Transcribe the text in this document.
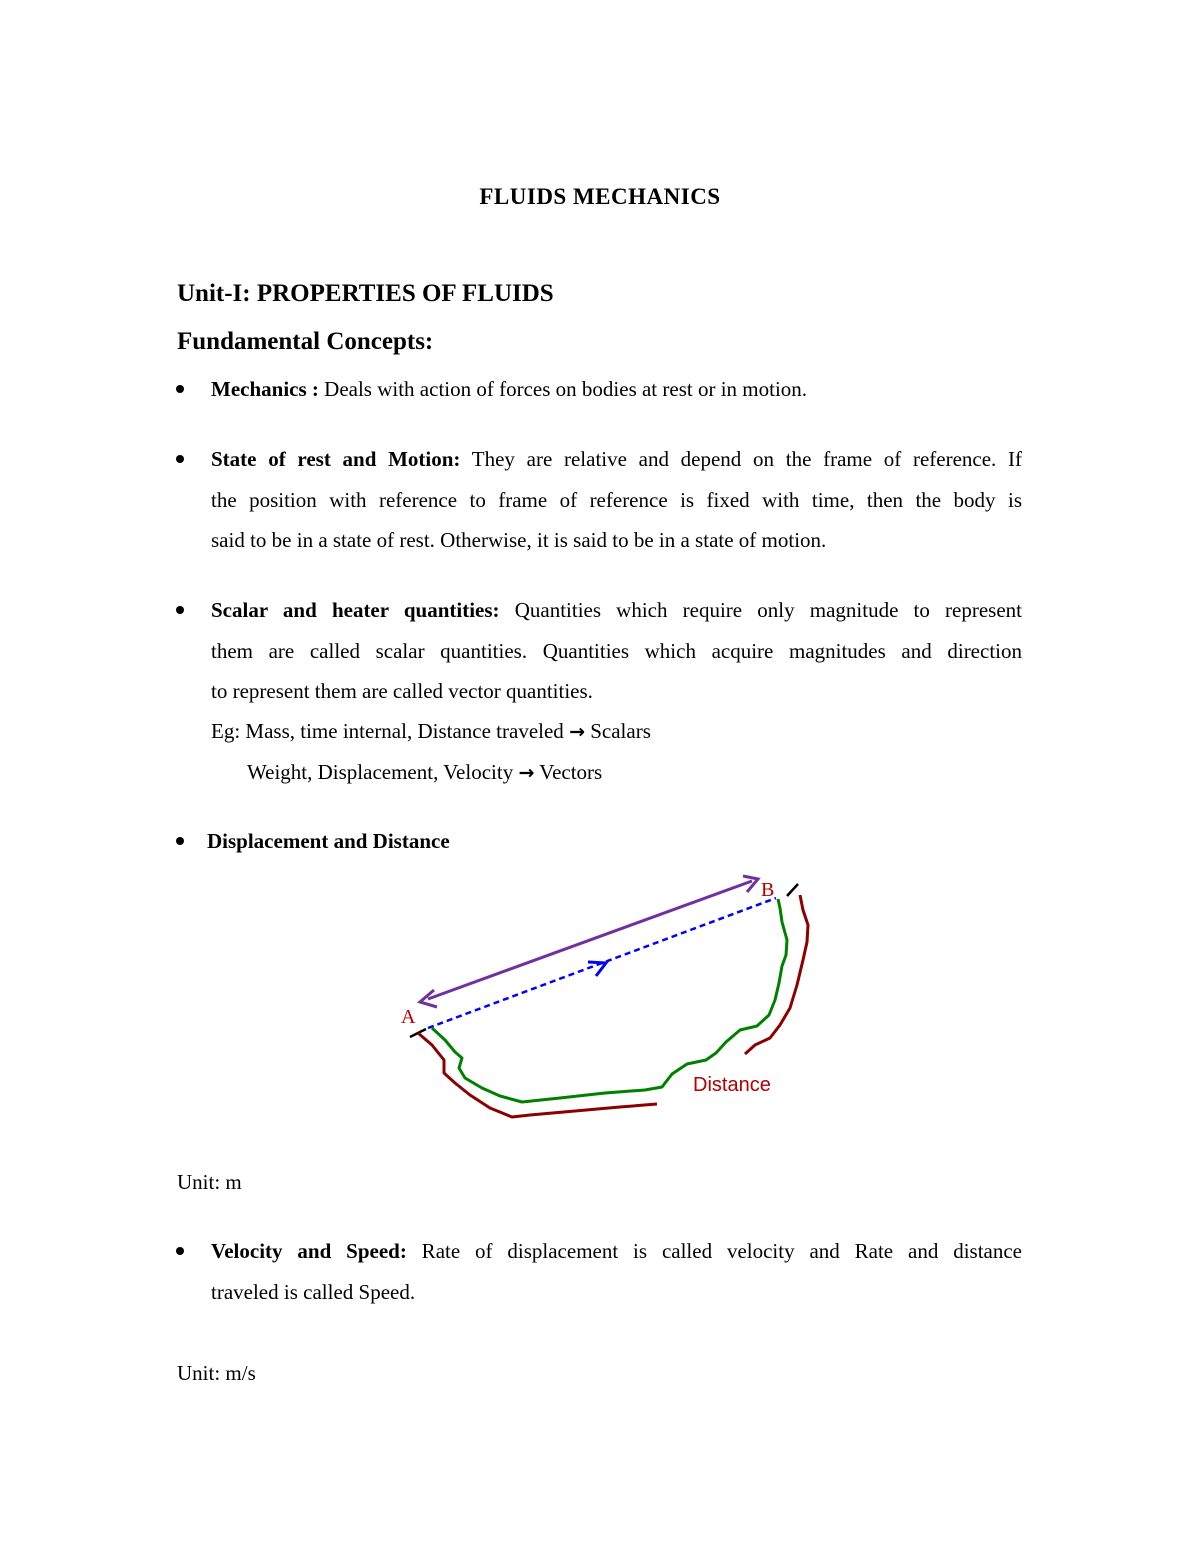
FLUIDS MECHANICS
Unit-I: PROPERTIES OF FLUIDS
Fundamental Concepts:
Mechanics : Deals with action of forces on bodies at rest or in motion.
State of rest and Motion: They are relative and depend on the frame of reference. If
the position with reference to frame of reference is fixed with time, then the body is
said to be in a state of rest. Otherwise, it is said to be in a state of motion.
Scalar and heater quantities: Quantities which require only magnitude to represent
them are called scalar quantities. Quantities which acquire magnitudes and direction
to represent them are called vector quantities.
Eg: Mass, time internal, Distance traveled → Scalars
Weight, Displacement, Velocity → Vectors
Displacement and Distance
A
B
Distance
Unit: m
Velocity and Speed: Rate of displacement is called velocity and Rate and distance
traveled is called Speed.
Unit: m/s
